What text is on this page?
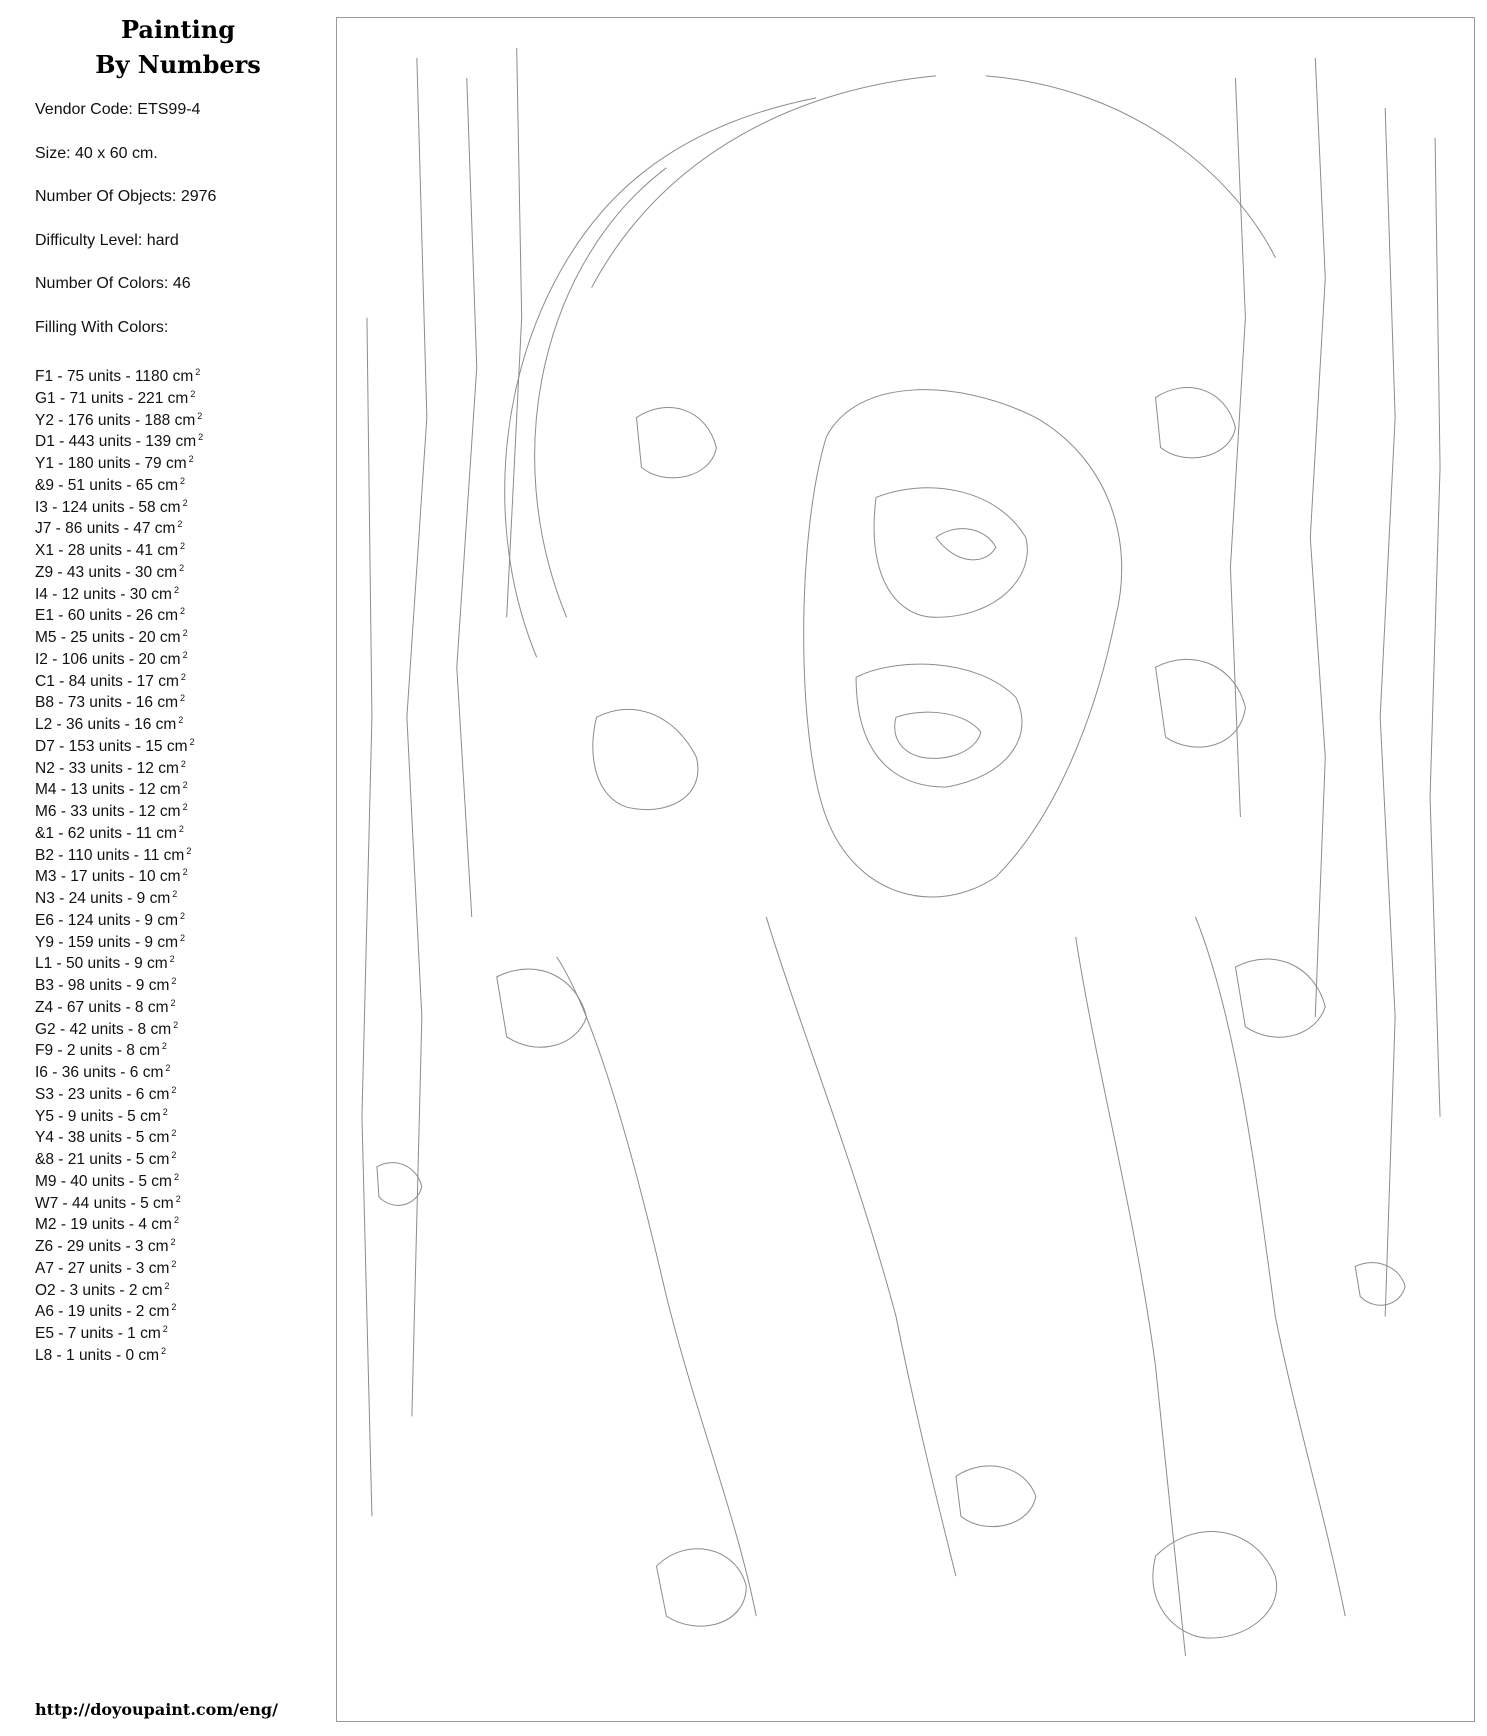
Painting
By Numbers
Vendor Code: ETS99-4
Size: 40 x 60 cm.
Number Of Objects: 2976
Difficulty Level: hard
Number Of Colors: 46
Filling With Colors:
F1 - 75 units - 1180 cm $^2$
G1 - 71 units - 221 cm $^2$
Y2 - 176 units - 188 cm $^2$
D1 - 443 units - 139 cm $^2$
Y1 - 180 units - 79 cm $^2$
&9 - 51 units - 65 cm $^2$
I3 - 124 units - 58 cm $^2$
J7 - 86 units - 47 cm $^2$
X1 - 28 units - 41 cm $^2$
Z9 - 43 units - 30 cm $^2$
I4 - 12 units - 30 cm $^2$
E1 - 60 units - 26 cm $^2$
M5 - 25 units - 20 cm $^2$
I2 - 106 units - 20 cm $^2$
C1 - 84 units - 17 cm $^2$
B8 - 73 units - 16 cm $^2$
L2 - 36 units - 16 cm $^2$
D7 - 153 units - 15 cm $^2$
N2 - 33 units - 12 cm $^2$
M4 - 13 units - 12 cm $^2$
M6 - 33 units - 12 cm $^2$
&1 - 62 units - 11 cm $^2$
B2 - 110 units - 11 cm $^2$
M3 - 17 units - 10 cm $^2$
N3 - 24 units - 9 cm $^2$
E6 - 124 units - 9 cm $^2$
Y9 - 159 units - 9 cm $^2$
L1 - 50 units - 9 cm $^2$
B3 - 98 units - 9 cm $^2$
Z4 - 67 units - 8 cm $^2$
G2 - 42 units - 8 cm $^2$
F9 - 2 units - 8 cm $^2$
I6 - 36 units - 6 cm $^2$
S3 - 23 units - 6 cm $^2$
Y5 - 9 units - 5 cm $^2$
Y4 - 38 units - 5 cm $^2$
&8 - 21 units - 5 cm $^2$
M9 - 40 units - 5 cm $^2$
W7 - 44 units - 5 cm $^2$
M2 - 19 units - 4 cm $^2$
Z6 - 29 units - 3 cm $^2$
A7 - 27 units - 3 cm $^2$
O2 - 3 units - 2 cm $^2$
A6 - 19 units - 2 cm $^2$
E5 - 7 units - 1 cm $^2$
L8 - 1 units - 0 cm $^2$
http://doyoupaint.com/eng/
